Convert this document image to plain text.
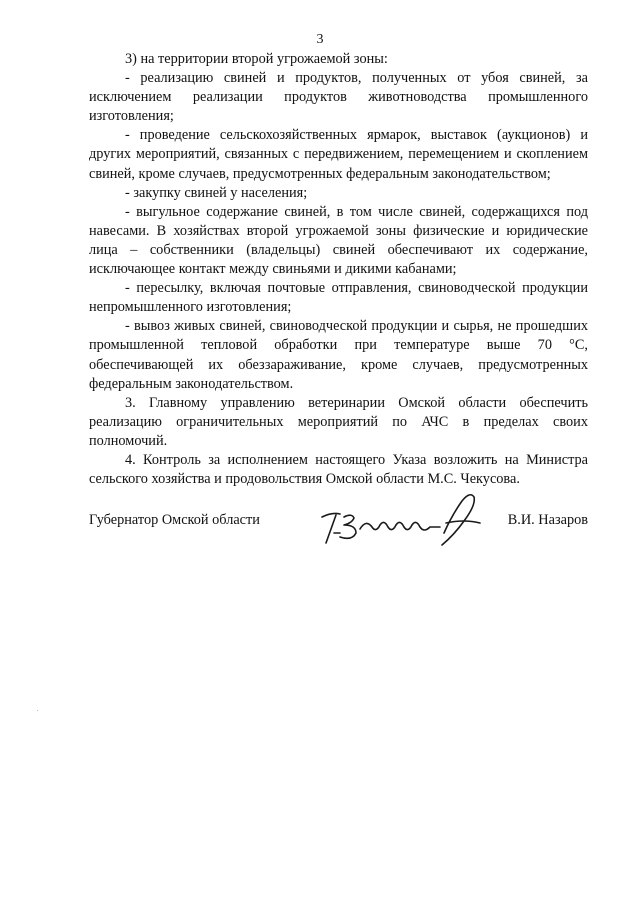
3

3) на территории второй угрожаемой зоны:

- реализацию свиней и продуктов, полученных от убоя свиней, за исключением реализации продуктов животноводства промышленного изготовления;

- проведение сельскохозяйственных ярмарок, выставок (аукционов) и других мероприятий, связанных с передвижением, перемещением и скоплением свиней, кроме случаев, предусмотренных федеральным законодательством;

- закупку свиней у населения;

- выгульное содержание свиней, в том числе свиней, содержащихся под навесами. В хозяйствах второй угрожаемой зоны физические и юридические лица – собственники (владельцы) свиней обеспечивают их содержание, исключающее контакт между свиньями и дикими кабанами;

- пересылку, включая почтовые отправления, свиноводческой продукции непромышленного изготовления;

- вывоз живых свиней, свиноводческой продукции и сырья, не прошедших промышленной тепловой обработки при температуре выше 70 °С, обеспечивающей их обеззараживание, кроме случаев, предусмотренных федеральным законодательством.

3. Главному управлению ветеринарии Омской области обеспечить реализацию ограничительных мероприятий по АЧС в пределах своих полномочий.

4. Контроль за исполнением настоящего Указа возложить на Министра сельского хозяйства и продовольствия Омской области М.С. Чекусова.

Губернатор Омской области	В.И. Назаров
